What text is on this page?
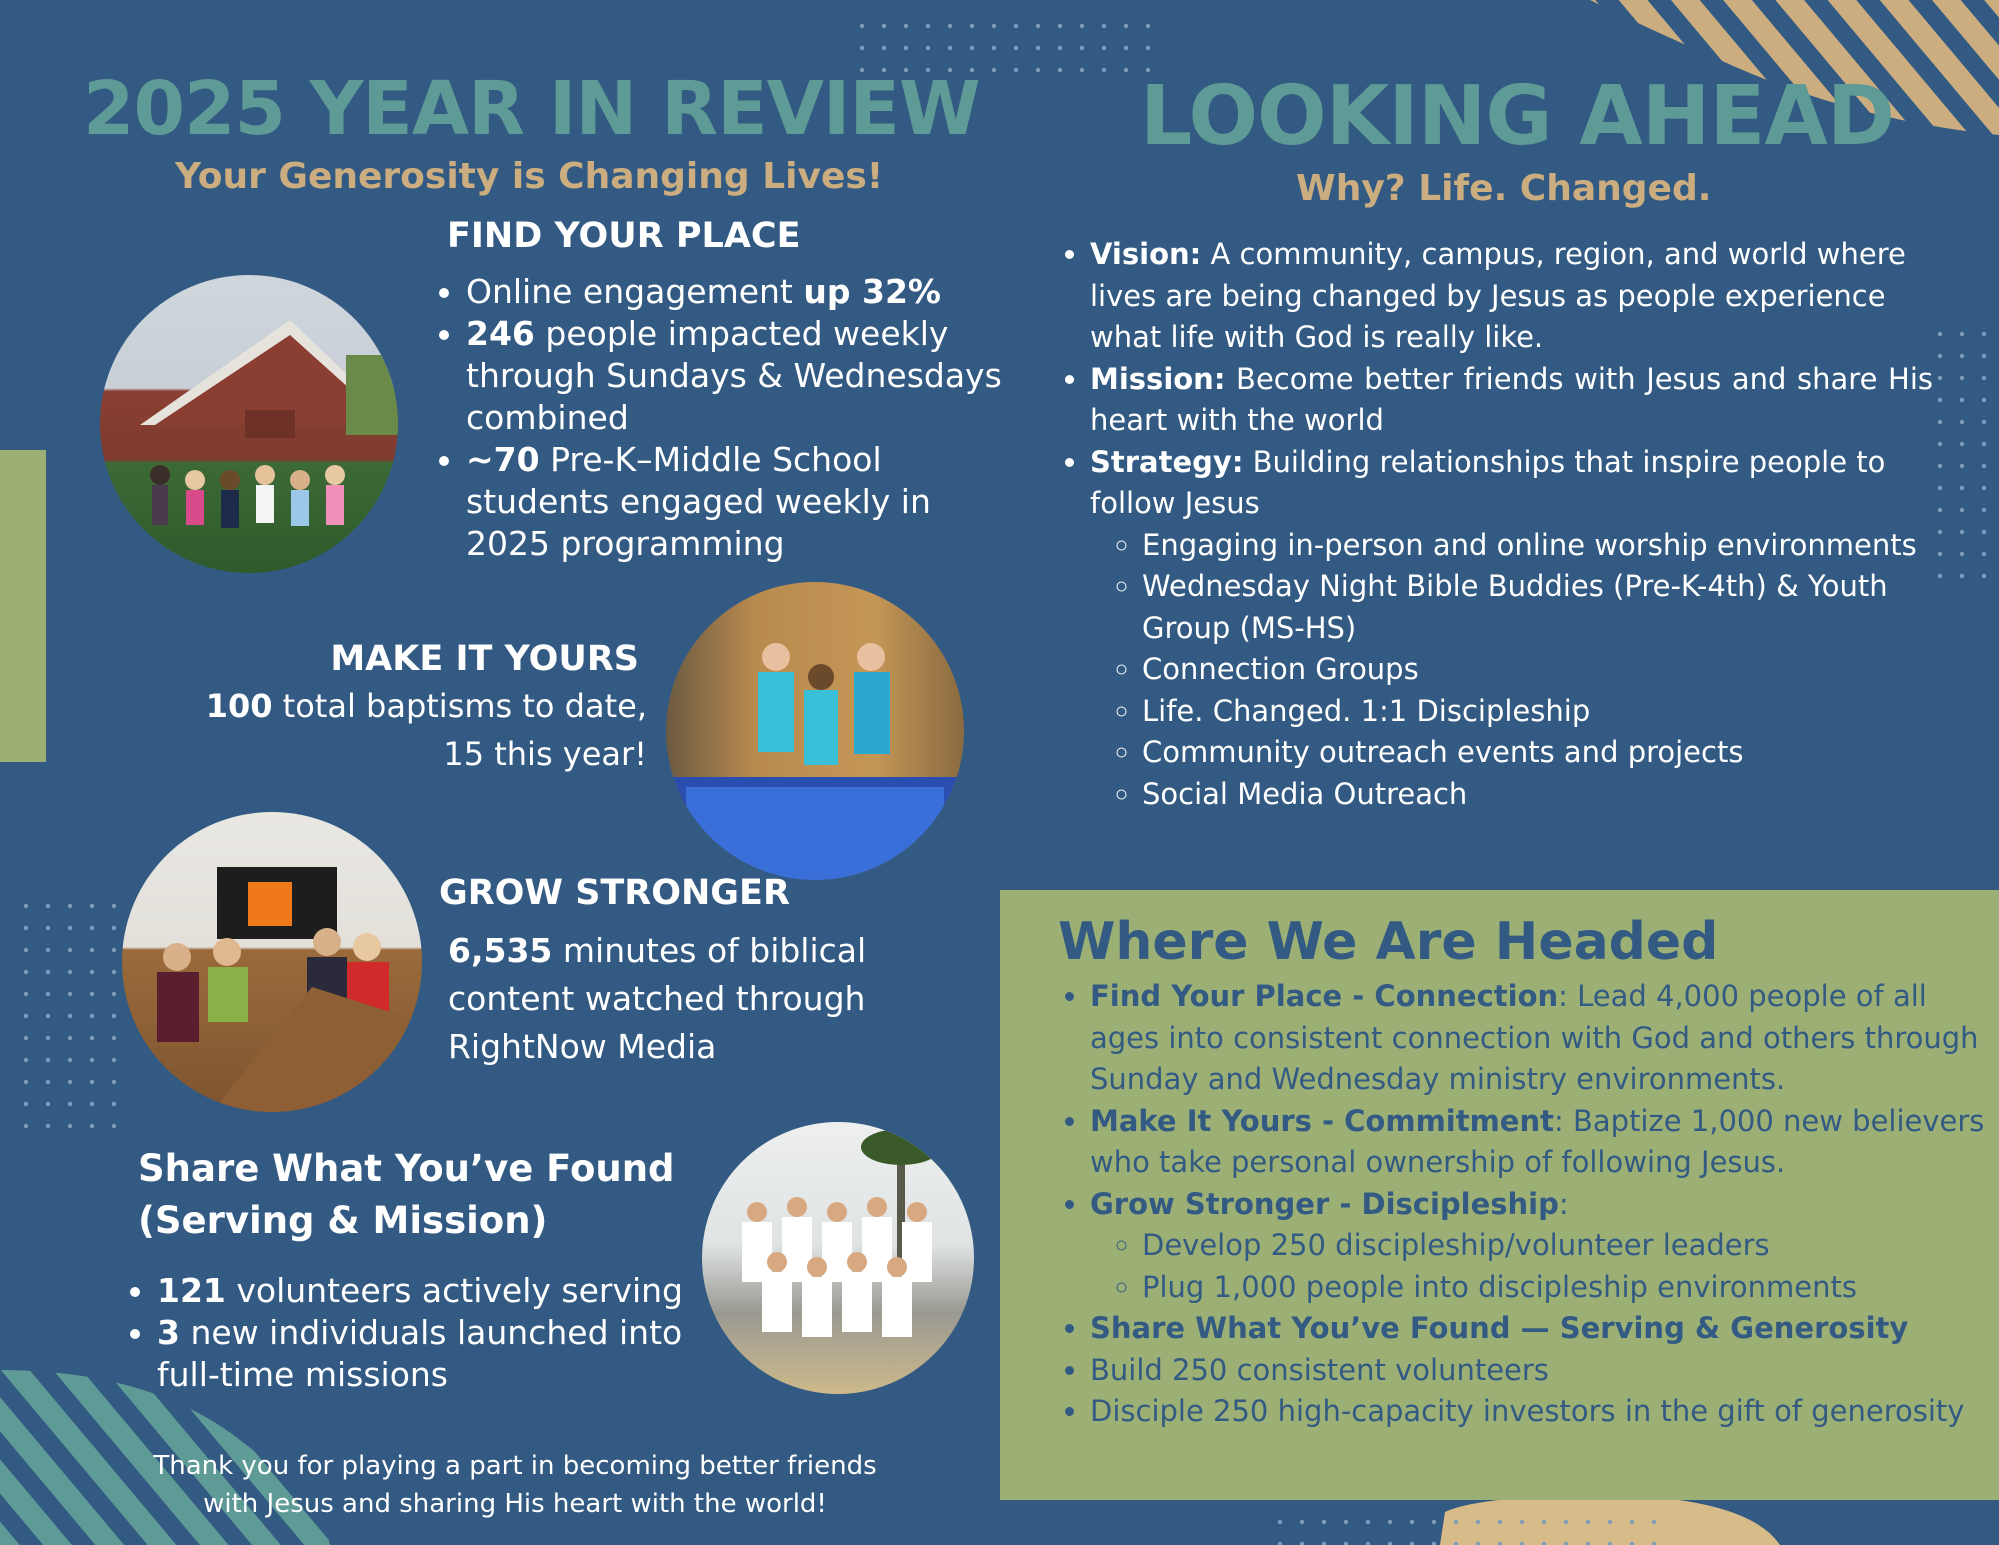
2025 YEAR IN REVIEW

Your Generosity is Changing Lives!

FIND YOUR PLACE
• Online engagement up 32%
• 246 people impacted weekly through Sundays & Wednesdays combined
• ~70 Pre-K–Middle School students engaged weekly in 2025 programming
MAKE IT YOURS
100 total baptisms to date,
15 this year!
GROW STRONGER
6,535 minutes of biblical content watched through RightNow Media
Share What You’ve Found
(Serving & Mission)
• 121 volunteers actively serving
• 3 new individuals launched into full-time missions
Thank you for playing a part in becoming better friends
with Jesus and sharing His heart with the world!
LOOKING AHEAD

Why? Life. Changed.

• Vision: A community, campus, region, and world where lives are being changed by Jesus as people experience what life with God is really like.
• Mission: Become better friends with Jesus and share His heart with the world
• Strategy: Building relationships that inspire people to follow Jesus
◦ Engaging in-person and online worship environments
◦ Wednesday Night Bible Buddies (Pre-K-4th) & Youth Group (MS-HS)
◦ Connection Groups
◦ Life. Changed. 1:1 Discipleship
◦ Community outreach events and projects
◦ Social Media Outreach
Where We Are Headed
• Find Your Place - Connection: Lead 4,000 people of all ages into consistent connection with God and others through Sunday and Wednesday ministry environments.
• Make It Yours - Commitment: Baptize 1,000 new believers who take personal ownership of following Jesus.
• Grow Stronger - Discipleship:
◦ Develop 250 discipleship/volunteer leaders
◦ Plug 1,000 people into discipleship environments
• Share What You’ve Found — Serving & Generosity
• Build 250 consistent volunteers
• Disciple 250 high-capacity investors in the gift of generosity
